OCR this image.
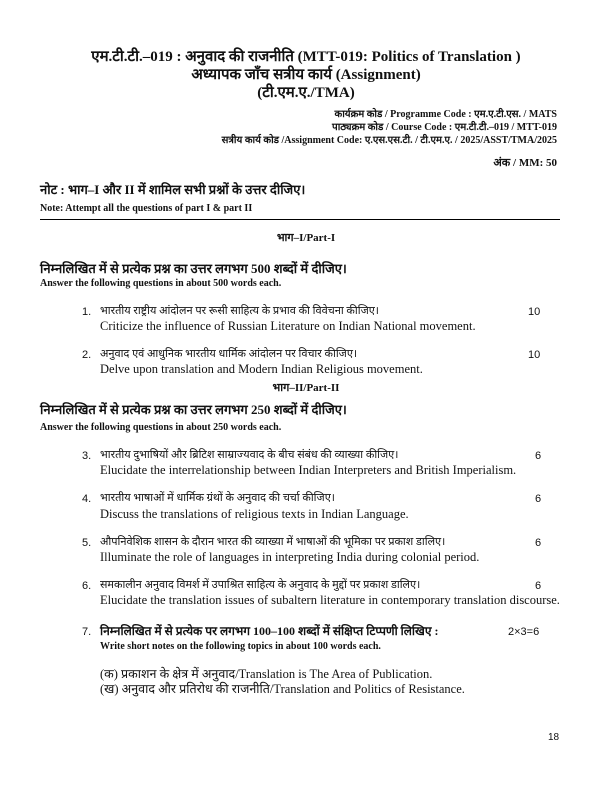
एम.टी.टी.–019 : अनुवाद की राजनीति (MTT-019: Politics of Translation )
अध्यापक जाँच सत्रीय कार्य (Assignment)
(टी.एम.ए./TMA)
कार्यक्रम कोड / Programme Code : एम.ए.टी.एस. / MATS
पाठ्यक्रम कोड / Course Code : एम.टी.टी.–019 / MTT-019
सत्रीय कार्य कोड /Assignment Code: ए.एस.एस.टी. / टी.एम.ए. / 2025/ASST/TMA/2025
अंक / MM: 50
नोट : भाग–I और II में शामिल सभी प्रश्नों के उत्तर दीजिए।
Note: Attempt all the questions of part I & part II
भाग–I/Part-I
निम्नलिखित में से प्रत्येक प्रश्न का उत्तर लगभग 500 शब्दों में दीजिए।
Answer the following questions in about 500 words each.
1. भारतीय राष्ट्रीय आंदोलन पर रूसी साहित्य के प्रभाव की विवेचना कीजिए।
Criticize the influence of Russian Literature on Indian National movement.
10
2. अनुवाद एवं आधुनिक भारतीय धार्मिक आंदोलन पर विचार कीजिए।
Delve upon translation and Modern Indian Religious movement.
10
भाग–II/Part-II
निम्नलिखित में से प्रत्येक प्रश्न का उत्तर लगभग 250 शब्दों में दीजिए।
Answer the following questions in about 250 words each.
3. भारतीय दुभाषियों और ब्रिटिश साम्राज्यवाद के बीच संबंध की व्याख्या कीजिए।
Elucidate the interrelationship between Indian Interpreters and British Imperialism.
6
4. भारतीय भाषाओं में धार्मिक ग्रंथों के अनुवाद की चर्चा कीजिए।
Discuss the translations of religious texts in Indian Language.
6
5. औपनिवेशिक शासन के दौरान भारत की व्याख्या में भाषाओं की भूमिका पर प्रकाश डालिए।
Illuminate the role of languages in interpreting India during colonial period.
6
6. समकालीन अनुवाद विमर्श में उपाश्रित साहित्य के अनुवाद के मुद्दों पर प्रकाश डालिए।
Elucidate the translation issues of subaltern literature in contemporary translation discourse.
6
7. निम्नलिखित में से प्रत्येक पर लगभग 100–100 शब्दों में संक्षिप्त टिप्पणी लिखिए :
Write short notes on the following topics in about 100 words each.
2×3=6
(क) प्रकाशन के क्षेत्र में अनुवाद/Translation is The Area of Publication.
(ख) अनुवाद और प्रतिरोध की राजनीति/Translation and Politics of Resistance.
18
